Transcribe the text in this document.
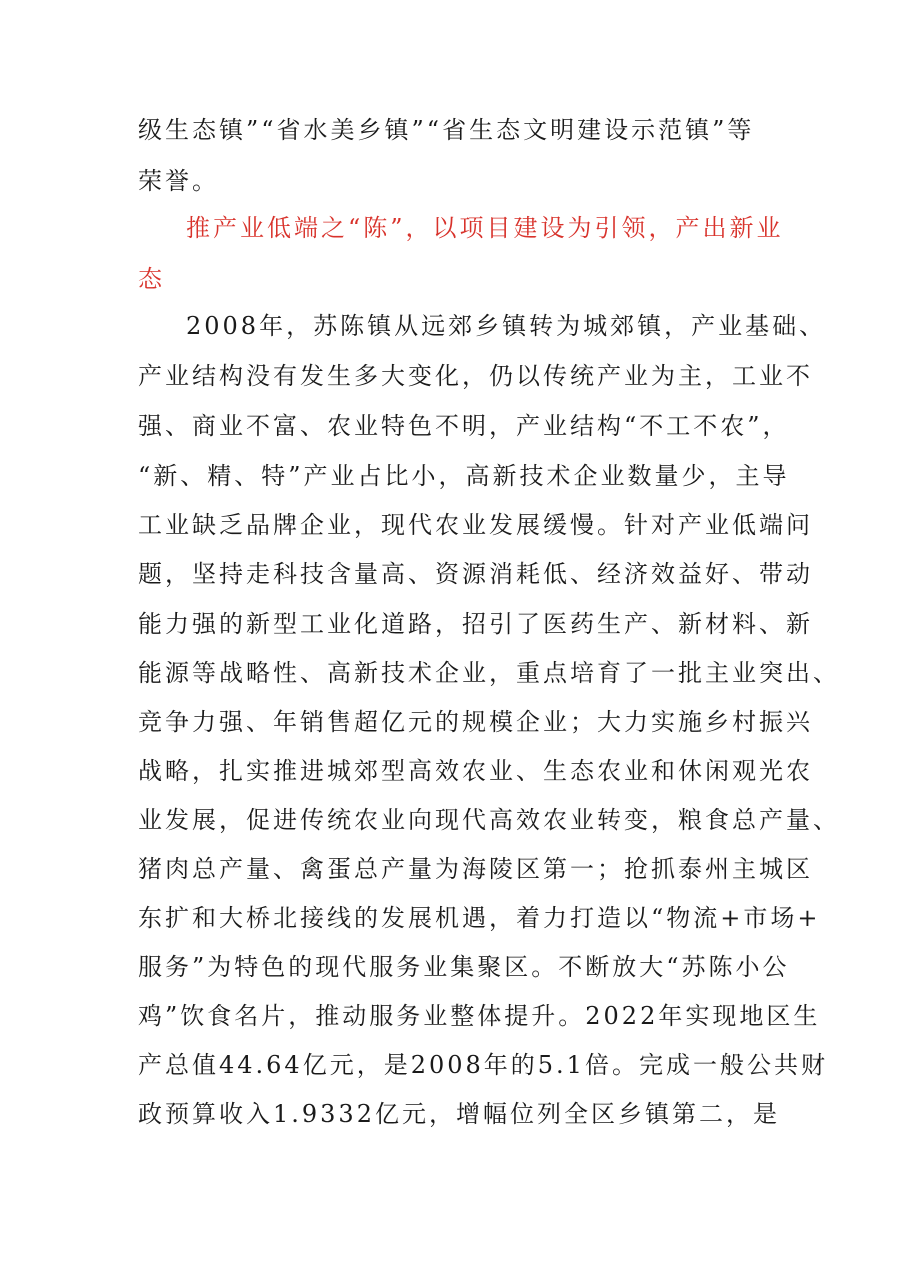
级生态镇”“省水美乡镇”“省生态文明建设示范镇”等
荣誉。
推产业低端之“陈”，以项目建设为引领，产出新业
态
2008年，苏陈镇从远郊乡镇转为城郊镇，产业基础、
产业结构没有发生多大变化，仍以传统产业为主，工业不
强、商业不富、农业特色不明，产业结构“不工不农”，
“新、精、特”产业占比小，高新技术企业数量少，主导
工业缺乏品牌企业，现代农业发展缓慢。针对产业低端问
题，坚持走科技含量高、资源消耗低、经济效益好、带动
能力强的新型工业化道路，招引了医药生产、新材料、新
能源等战略性、高新技术企业，重点培育了一批主业突出、
竞争力强、年销售超亿元的规模企业；大力实施乡村振兴
战略，扎实推进城郊型高效农业、生态农业和休闲观光农
业发展，促进传统农业向现代高效农业转变，粮食总产量、
猪肉总产量、禽蛋总产量为海陵区第一；抢抓泰州主城区
东扩和大桥北接线的发展机遇，着力打造以“物流+市场+
服务”为特色的现代服务业集聚区。不断放大“苏陈小公
鸡”饮食名片，推动服务业整体提升。2022年实现地区生
产总值44.64亿元，是2008年的5.1倍。完成一般公共财
政预算收入1.9332亿元，增幅位列全区乡镇第二，是
